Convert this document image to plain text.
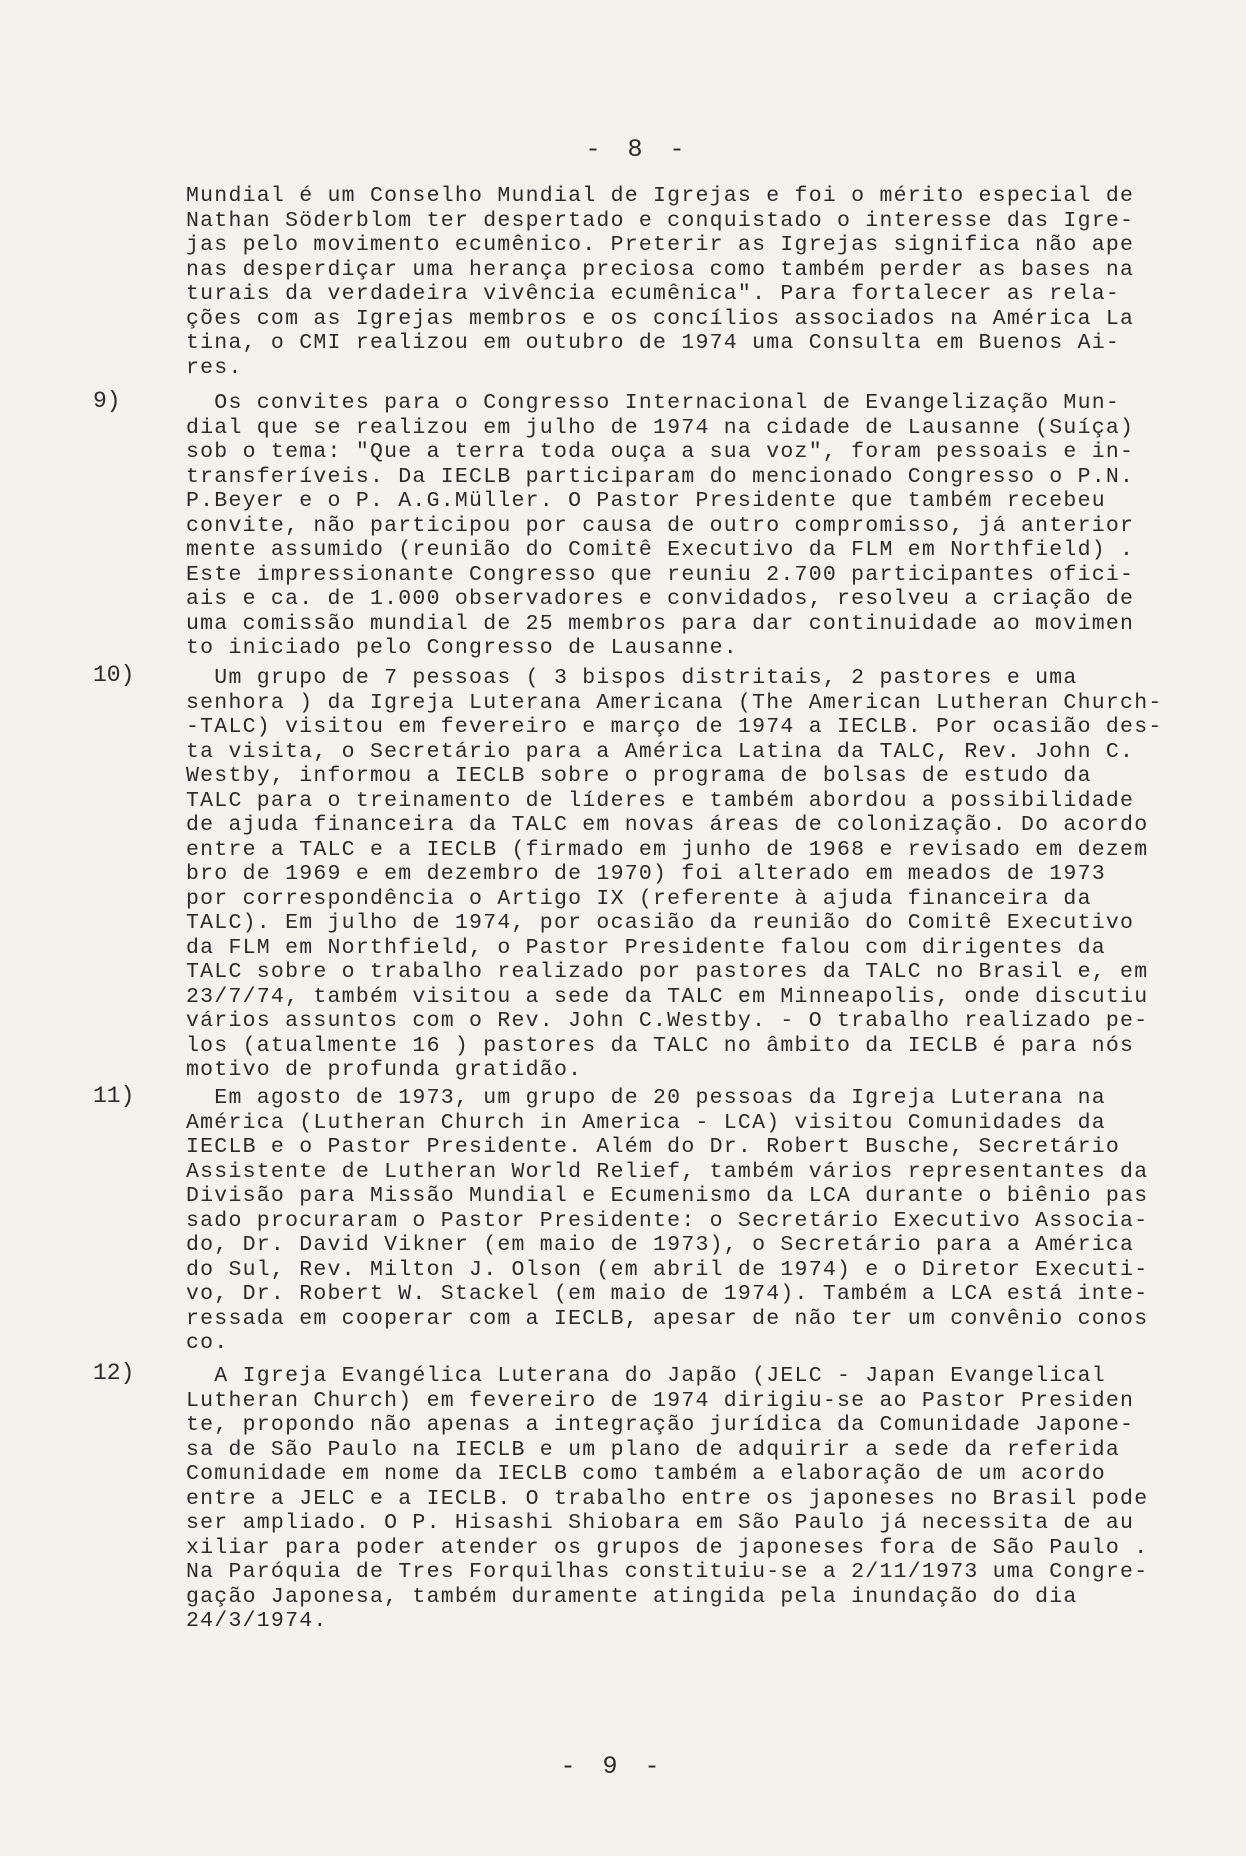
- 8 -
Mundial é um Conselho Mundial de Igrejas e foi o mérito especial de
Nathan Söderblom ter despertado e conquistado o interesse das Igre-
jas pelo movimento ecumênico. Preterir as Igrejas significa não ape
nas desperdiçar uma herança preciosa como também perder as bases na
turais da verdadeira vivência ecumênica". Para fortalecer as rela-
ções com as Igrejas membros e os concílios associados na América La
tina, o CMI realizou em outubro de 1974 uma Consulta em Buenos Ai-
res.
9)	Os convites para o Congresso Internacional de Evangelização Mun-
dial que se realizou em julho de 1974 na cidade de Lausanne (Suíça)
sob o tema: "Que a terra toda ouça a sua voz", foram pessoais e in-
transferíveis. Da IECLB participaram do mencionado Congresso o P.N.
P.Beyer e o P. A.G.Müller. O Pastor Presidente que também recebeu
convite, não participou por causa de outro compromisso, já anterior
mente assumido (reunião do Comitê Executivo da FLM em Northfield) .
Este impressionante Congresso que reuniu 2.700 participantes ofici-
ais e ca. de 1.000 observadores e convidados, resolveu a criação de
uma comissão mundial de 25 membros para dar continuidade ao movimen
to iniciado pelo Congresso de Lausanne.
10) Um grupo de 7 pessoas ( 3 bispos distritais, 2 pastores e uma
senhora ) da Igreja Luterana Americana (The American Lutheran Church-
-TALC) visitou em fevereiro e março de 1974 a IECLB. Por ocasião des-
ta visita, o Secretário para a América Latina da TALC, Rev. John C.
Westby, informou a IECLB sobre o programa de bolsas de estudo da
TALC para o treinamento de líderes e também abordou a possibilidade
de ajuda financeira da TALC em novas áreas de colonização. Do acordo
entre a TALC e a IECLB (firmado em junho de 1968 e revisado em dezem
bro de 1969 e em dezembro de 1970) foi alterado em meados de 1973
por correspondência o Artigo IX (referente à ajuda financeira da
TALC). Em julho de 1974, por ocasião da reunião do Comitê Executivo
da FLM em Northfield, o Pastor Presidente falou com dirigentes da
TALC sobre o trabalho realizado por pastores da TALC no Brasil e, em
23/7/74, também visitou a sede da TALC em Minneapolis, onde discutiu
vários assuntos com o Rev. John C.Westby. - O trabalho realizado pe-
los (atualmente 16 ) pastores da TALC no âmbito da IECLB é para nós
motivo de profunda gratidão.
11) Em agosto de 1973, um grupo de 20 pessoas da Igreja Luterana na
América (Lutheran Church in America - LCA) visitou Comunidades da
IECLB e o Pastor Presidente. Além do Dr. Robert Busche, Secretário
Assistente de Lutheran World Relief, também vários representantes da
Divisão para Missão Mundial e Ecumenismo da LCA durante o biênio pas
sado procuraram o Pastor Presidente: o Secretário Executivo Associa-
do, Dr. David Vikner (em maio de 1973), o Secretário para a América
do Sul, Rev. Milton J. Olson (em abril de 1974) e o Diretor Executi-
vo, Dr. Robert W. Stackel (em maio de 1974). Também a LCA está inte-
ressada em cooperar com a IECLB, apesar de não ter um convênio conos
co.
12) A Igreja Evangélica Luterana do Japão (JELC - Japan Evangelical
Lutheran Church) em fevereiro de 1974 dirigiu-se ao Pastor Presiden
te, propondo não apenas a integração jurídica da Comunidade Japone-
sa de São Paulo na IECLB e um plano de adquirir a sede da referida
Comunidade em nome da IECLB como também a elaboração de um acordo
entre a JELC e a IECLB. O trabalho entre os japoneses no Brasil pode
ser ampliado. O P. Hisashi Shiobara em São Paulo já necessita de au
xiliar para poder atender os grupos de japoneses fora de São Paulo .
Na Paróquia de Tres Forquilhas constituiu-se a 2/11/1973 uma Congre-
gação Japonesa, também duramente atingida pela inundação do dia
24/3/1974.
- 9 -
